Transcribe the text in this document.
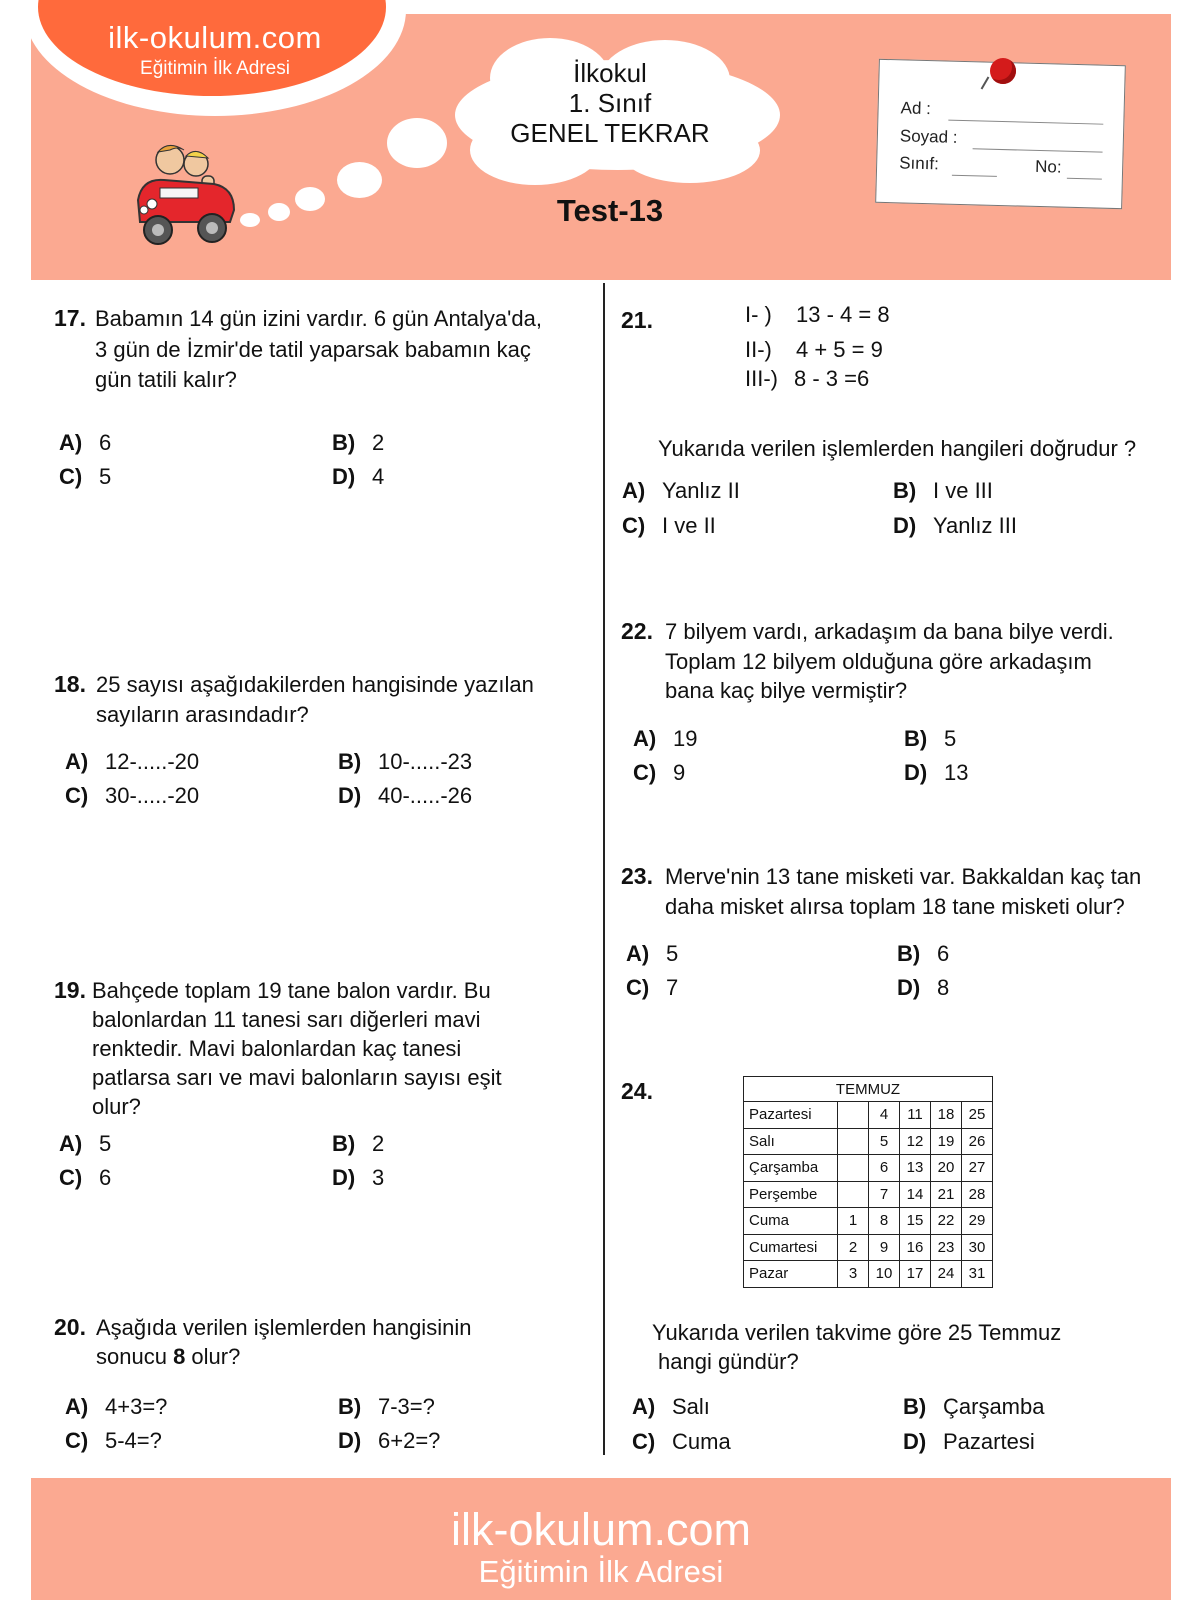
ilk-okulum.com
Eğitimin İlk Adresi	İlkokul
1. Sınıf
GENEL TEKRAR
Test-13
Ad :
Soyad :
Sınıf:	No:
17. Babamın 14 gün izini vardır. 6 gün Antalya'da,
3 gün de İzmir'de tatil yaparsak babamın kaç
gün tatili kalır?
A) 6	B) 2
C) 5	D) 4
18. 25 sayısı aşağıdakilerden hangisinde yazılan
sayıların arasındadır?
A) 12-.....-20	B) 10-.....-23
C) 30-.....-20	D) 40-.....-26
19. Bahçede toplam 19 tane balon vardır. Bu
balonlardan 11 tanesi sarı diğerleri mavi
renktedir. Mavi balonlardan kaç tanesi
patlarsa sarı ve mavi balonların sayısı eşit
olur?
A) 5	B) 2
C) 6	D) 3
20. Aşağıda verilen işlemlerden hangisinin
sonucu 8 olur?
A) 4+3=?	B) 7-3=?
C) 5-4=?	D) 6+2=?
21.	I- ) 13 - 4 = 8
II-) 4 + 5 = 9
III-) 8 - 3 =6
Yukarıda verilen işlemlerden hangileri doğrudur ?
A) Yanlız II	B) I ve III
C) I ve II	D) Yanlız III
22. 7 bilyem vardı, arkadaşım da bana bilye verdi.
Toplam 12 bilyem olduğuna göre arkadaşım
bana kaç bilye vermiştir?
A) 19	B) 5
C) 9	D) 13
23. Merve'nin 13 tane misketi var. Bakkaldan kaç tan
daha misket alırsa toplam 18 tane misketi olur?
A) 5	B) 6
C) 7	D) 8
24.	TEMMUZ					
Pazartesi		4	11	18	25
Salı		5	12	19	26
Çarşamba		6	13	20	27
Perşembe		7	14	21	28
Cuma	1	8	15	22	29
Cumartesi	2	9	16	23	30
Pazar	3	10	17	24	31
Yukarıda verilen takvime göre 25 Temmuz
hangi gündür?
A) Salı	B) Çarşamba
C) Cuma	D) Pazartesi
ilk-okulum.com
Eğitimin İlk Adresi
